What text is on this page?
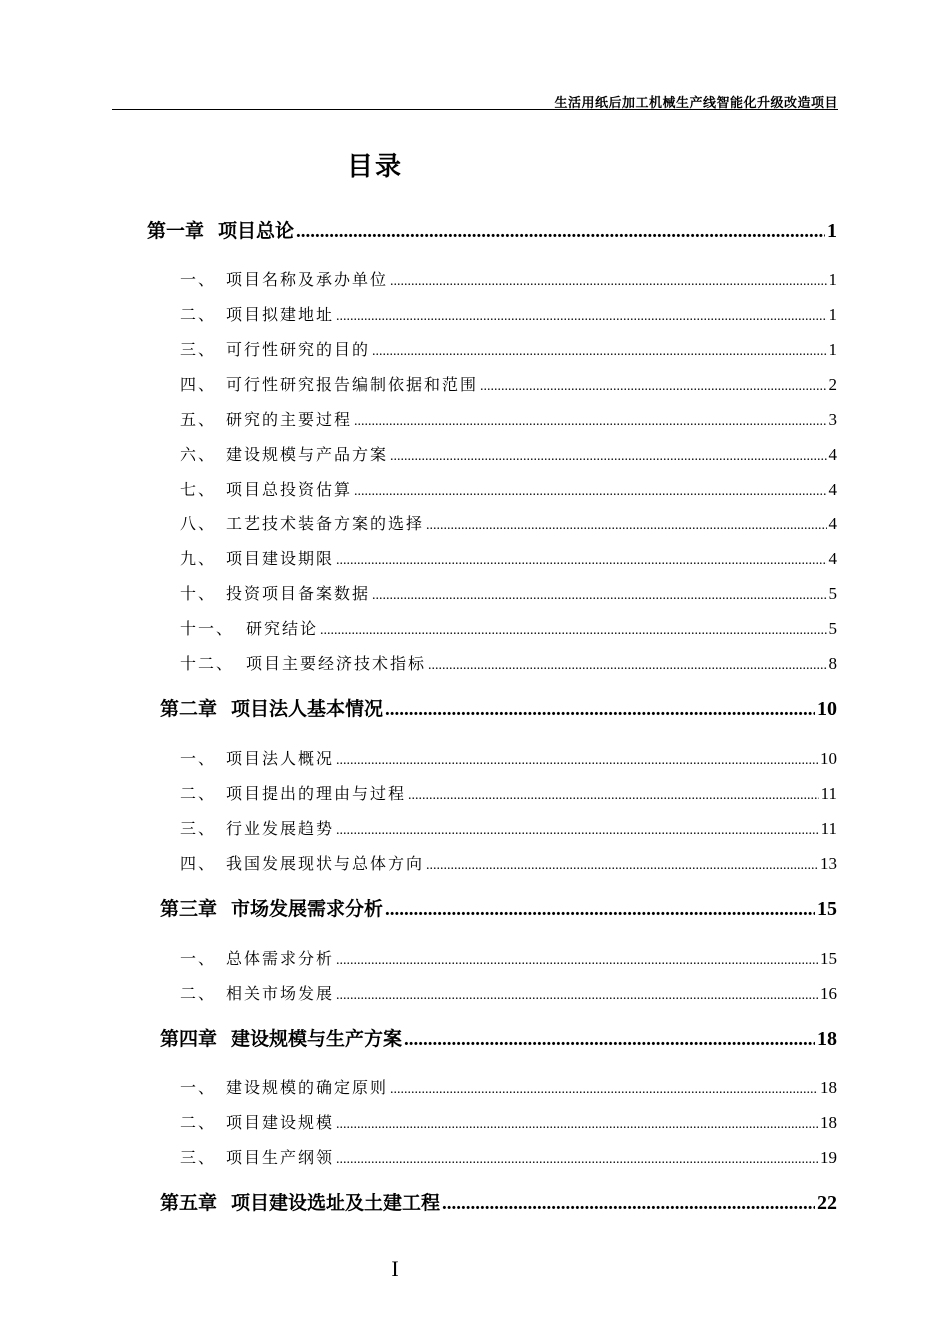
生活用纸后加工机械生产线智能化升级改造项目
目录
第一章 项目总论 .....	1
一、 项目名称及承办单位 .....	1
二、 项目拟建地址 .....	1
三、 可行性研究的目的 .....	1
四、 可行性研究报告编制依据和范围 .....	2
五、 研究的主要过程 .....	3
六、 建设规模与产品方案 .....	4
七、 项目总投资估算 .....	4
八、 工艺技术装备方案的选择 .....	4
九、 项目建设期限 .....	4
十、 投资项目备案数据 .....	5
十一、 研究结论 .....	5
十二、 项目主要经济技术指标 .....	8
第二章 项目法人基本情况 .....	10
一、 项目法人概况 .....	10
二、 项目提出的理由与过程 .....	11
三、 行业发展趋势 .....	11
四、 我国发展现状与总体方向 .....	13
第三章 市场发展需求分析 .....	15
一、 总体需求分析 .....	15
二、 相关市场发展 .....	16
第四章 建设规模与生产方案 .....	18
一、 建设规模的确定原则 .....	18
二、 项目建设规模 .....	18
三、 项目生产纲领 .....	19
第五章 项目建设选址及土建工程 .....	22
I
